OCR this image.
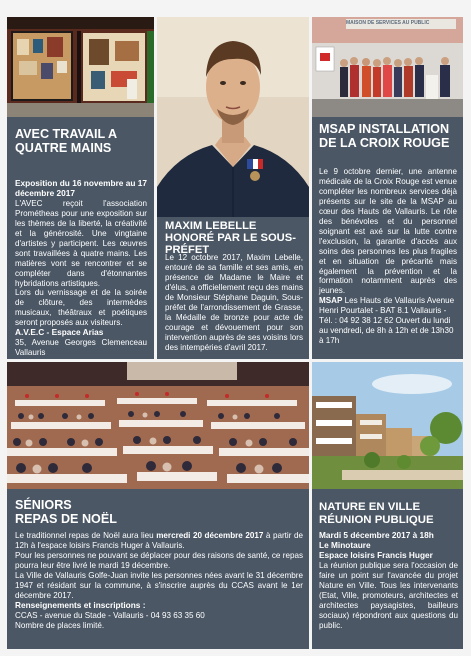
AVEC TRAVAIL A QUATRE MAINS

Exposition du 16 novembre au 17 décembre 2017

L'AVEC reçoit l'association Prométheas pour une exposition sur les thèmes de la liberté, la créativité et la générosité. Une vingtaine d'artistes y participent. Les œuvres sont travaillées à quatre mains. Les matières vont se rencontrer et se compléter dans d'étonnantes hybridations artistiques.

Lors du vernissage et de la soirée de clôture, des intermèdes musicaux, théâtraux et poétiques seront proposés aux visiteurs.

A.V.E.C - Espace Arias

35, Avenue Georges Clemenceau Vallauris

MAXIM LEBELLE HONORÉ PAR LE SOUS-PRÉFET

Le 12 octobre 2017, Maxim Lebelle, entouré de sa famille et ses amis, en présence de Madame le Maire et d'élus, a officiellement reçu des mains de Monsieur Stéphane Daguin, Sous-préfet de l'arrondissement de Grasse, la Médaille de bronze pour acte de courage et dévouement pour son intervention auprès de ses voisins lors des intempéries d'avril 2017.

MAISON DE SERVICES AU PUBLIC
MSAP INSTALLATION DE LA CROIX ROUGE

Le 9 octobre dernier, une antenne médicale de la Croix Rouge est venue compléter les nombreux services déjà présents sur le site de la MSAP au cœur des Hauts de Vallauris. Le rôle des bénévoles et du personnel soignant est axé sur la lutte contre l'exclusion, la garantie d'accès aux soins des personnes les plus fragiles et en situation de précarité mais également la prévention et la formation notamment auprès des jeunes.

MSAP Les Hauts de Vallauris Avenue Henri Pourtalet - BAT 8.1 Vallauris - Tél. : 04 92 38 12 62 Ouvert du lundi au vendredi, de 8h à 12h et de 13h30 à 17h

SÉNIORS
REPAS DE NOËL

Le traditionnel repas de Noël aura lieu mercredi 20 décembre 2017 à partir de 12h à l'espace loisirs Francis Huger à Vallauris.

Pour les personnes ne pouvant se déplacer pour des raisons de santé, ce repas pourra leur être livré le mardi 19 décembre.

La Ville de Vallauris Golfe-Juan invite les personnes nées avant le 31 décembre 1947 et résidant sur la commune, à s'inscrire auprès du CCAS avant le 1er décembre 2017.

Renseignements et inscriptions :

CCAS - avenue du Stade - Vallauris - 04 93 63 35 60

Nombre de places limité.

NATURE EN VILLE
RÉUNION PUBLIQUE

Mardi 5 décembre 2017 à 18h

Le Minotaure

Espace loisirs Francis Huger

La réunion publique sera l'occasion de faire un point sur l'avancée du projet Nature en Ville. Tous les intervenants (Etat, Ville, promoteurs, architectes et architectes paysagistes, bailleurs sociaux) répondront aux questions du public.
